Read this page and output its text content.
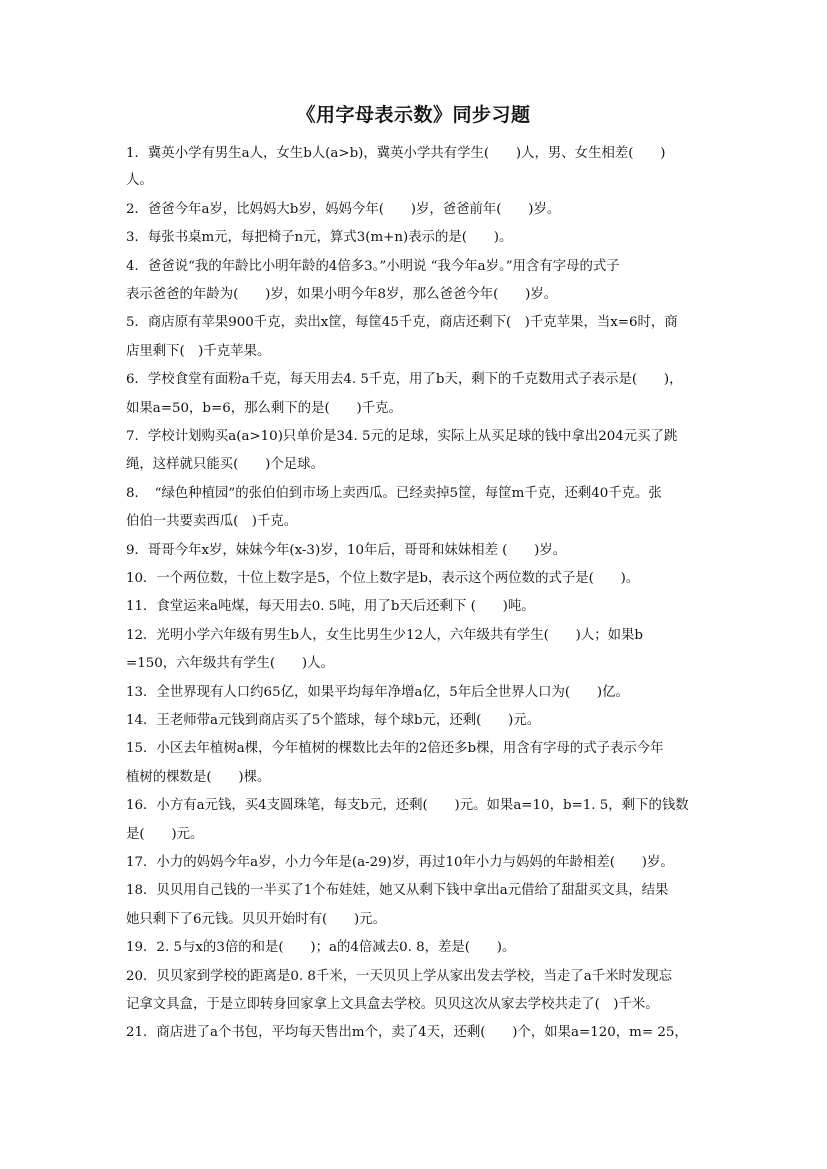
《用字母表示数》同步习题
1．冀英小学有男生a人，女生b人(a>b)，冀英小学共有学生(　　)人，男、女生相差(　　)
人。
2．爸爸今年a岁，比妈妈大b岁，妈妈今年(　　)岁，爸爸前年(　　)岁。
3．每张书桌m元，每把椅子n元，算式3(m+n)表示的是(　　)。
4．爸爸说“我的年龄比小明年龄的4倍多3。”小明说 “我今年a岁。”用含有字母的式子
表示爸爸的年龄为(　　)岁，如果小明今年8岁，那么爸爸今年(　　)岁。
5．商店原有苹果900千克，卖出x筐，每筐45千克，商店还剩下(　)千克苹果，当x=6时，商
店里剩下(　)千克苹果。
6．学校食堂有面粉a千克，每天用去4. 5千克，用了b天，剩下的千克数用式子表示是(　　)，
如果a=50，b=6，那么剩下的是(　　)千克。
7．学校计划购买a(a>10)只单价是34. 5元的足球，实际上从买足球的钱中拿出204元买了跳
绳，这样就只能买(　　)个足球。
8．　“绿色种植园”的张伯伯到市场上卖西瓜。已经卖掉5筐，每筐m千克，还剩40千克。张
伯伯一共要卖西瓜(　)千克。
9．哥哥今年x岁，妹妹今年(x-3)岁，10年后，哥哥和妹妹相差 (　　)岁。
10．一个两位数，十位上数字是5，个位上数字是b，表示这个两位数的式子是(　　)。
11．食堂运来a吨煤，每天用去0. 5吨，用了b天后还剩下 (　　)吨。
12．光明小学六年级有男生b人，女生比男生少12人，六年级共有学生(　　)人；如果b
=150，六年级共有学生(　　)人。
13．全世界现有人口约65亿，如果平均每年净增a亿，5年后全世界人口为(　　)亿。
14．王老师带a元钱到商店买了5个篮球，每个球b元，还剩(　　)元。
15．小区去年植树a棵，今年植树的棵数比去年的2倍还多b棵，用含有字母的式子表示今年
植树的棵数是(　　)棵。
16．小方有a元钱，买4支圆珠笔，每支b元，还剩(　　)元。如果a=10，b=1. 5，剩下的钱数
是(　　)元。
17．小力的妈妈今年a岁，小力今年是(a-29)岁，再过10年小力与妈妈的年龄相差(　　)岁。
18．贝贝用自己钱的一半买了1个布娃娃，她又从剩下钱中拿出a元借给了甜甜买文具，结果
她只剩下了6元钱。贝贝开始时有(　　)元。
19．2. 5与x的3倍的和是(　　)；a的4倍减去0. 8，差是(　　)。
20．贝贝家到学校的距离是0. 8千米，一天贝贝上学从家出发去学校，当走了a千米时发现忘
记拿文具盒，于是立即转身回家拿上文具盒去学校。贝贝这次从家去学校共走了(　)千米。
21．商店进了a个书包，平均每天售出m个，卖了4天，还剩(　　)个，如果a=120，m= 25，
